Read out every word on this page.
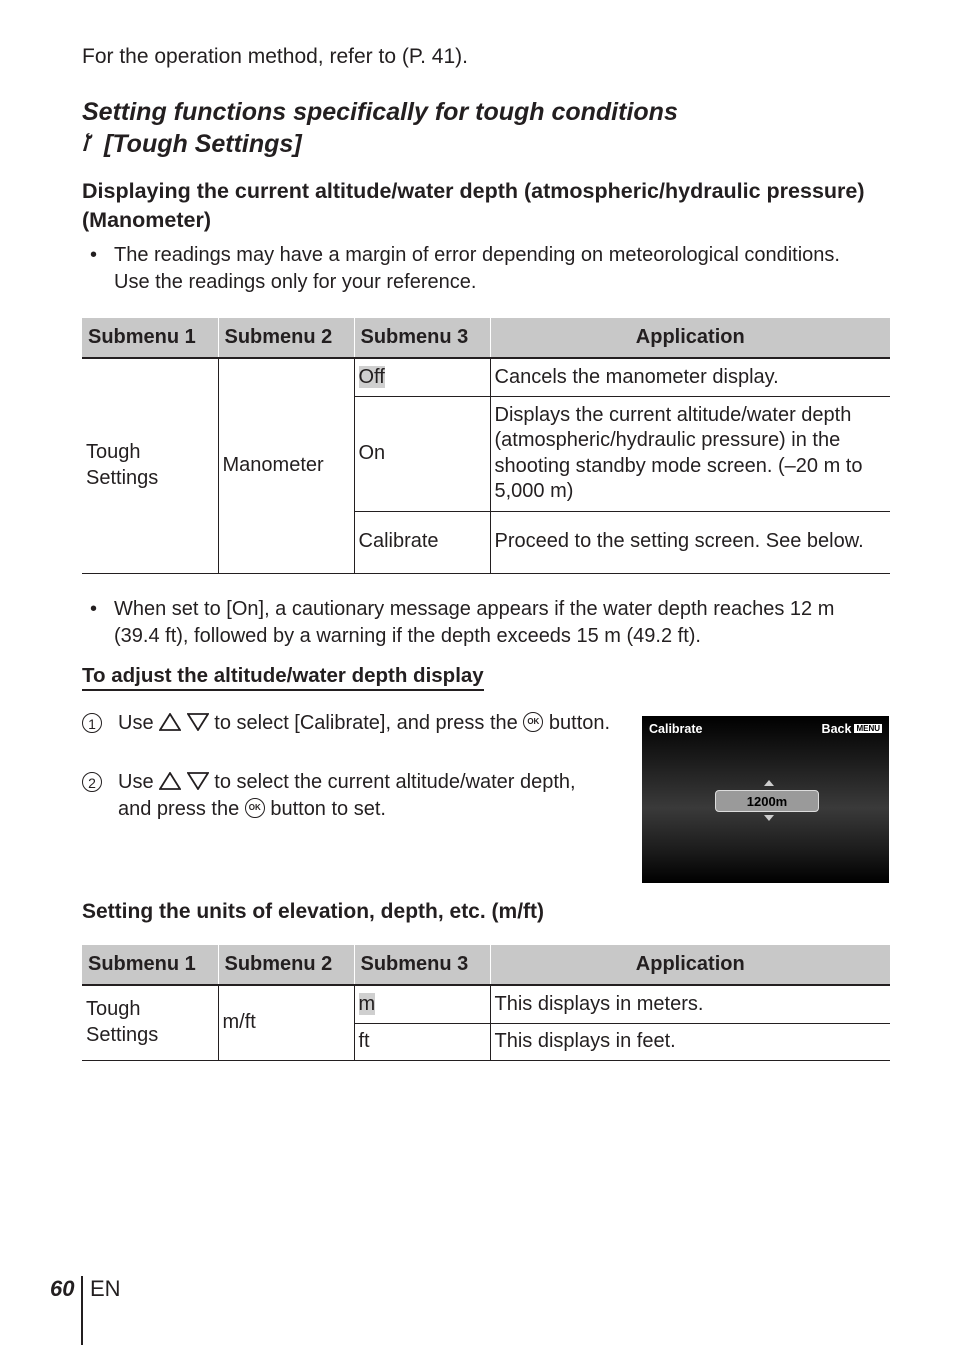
For the operation method, refer to (P. 41).
Setting functions specifically for tough conditions
[Tough Settings]
Displaying the current altitude/water depth (atmospheric/hydraulic pressure) (Manometer)
• The readings may have a margin of error depending on meteorological conditions. Use the readings only for your reference.
Submenu 1	Submenu 2	Submenu 3	Application
Tough Settings	Manometer	Off	Cancels the manometer display.
		On	Displays the current altitude/water depth (atmospheric/hydraulic pressure) in the shooting standby mode screen. (–20 m to 5,000 m)
		Calibrate	Proceed to the setting screen. See below.
• When set to [On], a cautionary message appears if the water depth reaches 12 m (39.4 ft), followed by a warning if the depth exceeds 15 m (49.2 ft).
To adjust the altitude/water depth display
1	Use	to select [Calibrate], and press the OK button.
2	Use	to select the current altitude/water depth, and press the OK button to set.
Calibrate	Back MENU
1200m
Setting the units of elevation, depth, etc. (m/ft)
Submenu 1	Submenu 2	Submenu 3	Application
Tough Settings	m/ft	m	This displays in meters.
		ft	This displays in feet.
60 EN
